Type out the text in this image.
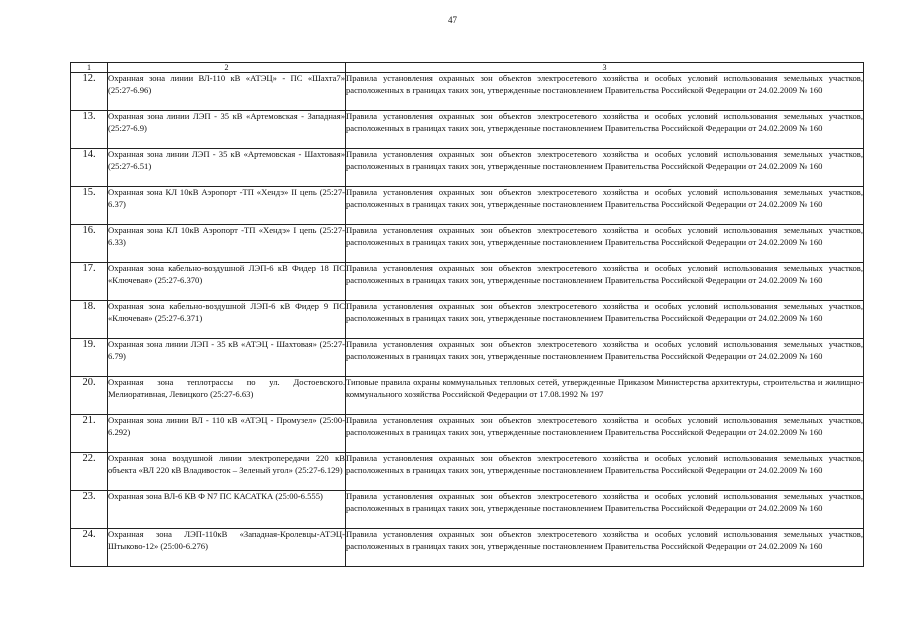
47
1	2	3
12.	Охранная зона линии ВЛ-110 кВ «АТЭЦ» - ПС «Шахта7» (25:27-6.96)	Правила установления охранных зон объектов электросетевого хозяйства и особых условий использования земельных участков, расположенных в границах таких зон, утвержденные постановлением Правительства Российской Федерации от 24.02.2009 № 160
13.	Охранная зона линии ЛЭП - 35 кВ «Артемовская - Западная» (25:27-6.9)	Правила установления охранных зон объектов электросетевого хозяйства и особых условий использования земельных участков, расположенных в границах таких зон, утвержденные постановлением Правительства Российской Федерации от 24.02.2009 № 160
14.	Охранная зона линии ЛЭП - 35 кВ «Артемовская - Шахтовая» (25:27-6.51)	Правила установления охранных зон объектов электросетевого хозяйства и особых условий использования земельных участков, расположенных в границах таких зон, утвержденные постановлением Правительства Российской Федерации от 24.02.2009 № 160
15.	Охранная зона КЛ 10кВ Аэропорт -ТП «Хендэ» II цепь (25:27-6.37)	Правила установления охранных зон объектов электросетевого хозяйства и особых условий использования земельных участков, расположенных в границах таких зон, утвержденные постановлением Правительства Российской Федерации от 24.02.2009 № 160
16.	Охранная зона КЛ 10кВ Аэропорт -ТП «Хендэ» I цепь (25:27-6.33)	Правила установления охранных зон объектов электросетевого хозяйства и особых условий использования земельных участков, расположенных в границах таких зон, утвержденные постановлением Правительства Российской Федерации от 24.02.2009 № 160
17.	Охранная зона кабельно-воздушной ЛЭП-6 кВ Фидер 18 ПС «Ключевая» (25:27-6.370)	Правила установления охранных зон объектов электросетевого хозяйства и особых условий использования земельных участков, расположенных в границах таких зон, утвержденные постановлением Правительства Российской Федерации от 24.02.2009 № 160
18.	Охранная зона кабельно-воздушной ЛЭП-6 кВ Фидер 9 ПС «Ключевая» (25:27-6.371)	Правила установления охранных зон объектов электросетевого хозяйства и особых условий использования земельных участков, расположенных в границах таких зон, утвержденные постановлением Правительства Российской Федерации от 24.02.2009 № 160
19.	Охранная зона линии ЛЭП - 35 кВ «АТЭЦ - Шахтовая» (25:27-6.79)	Правила установления охранных зон объектов электросетевого хозяйства и особых условий использования земельных участков, расположенных в границах таких зон, утвержденные постановлением Правительства Российской Федерации от 24.02.2009 № 160
20.	Охранная зона теплотрассы по ул. Достоевского. Мелиоративная, Левицкого (25:27-6.63)	Типовые правила охраны коммунальных тепловых сетей, утвержденные Приказом Министерства архитектуры, строительства и жилищно-коммунального хозяйства Российской Федерации от 17.08.1992 № 197
21.	Охранная зона линии ВЛ - 110 кВ «АТЭЦ - Промузел» (25:00-6.292)	Правила установления охранных зон объектов электросетевого хозяйства и особых условий использования земельных участков, расположенных в границах таких зон, утвержденные постановлением Правительства Российской Федерации от 24.02.2009 № 160
22.	Охранная зона воздушной линии электропередачи 220 кВ объекта «ВЛ 220 кВ Владивосток – Зеленый угол» (25:27-6.129)	Правила установления охранных зон объектов электросетевого хозяйства и особых условий использования земельных участков, расположенных в границах таких зон, утвержденные постановлением Правительства Российской Федерации от 24.02.2009 № 160
23.	Охранная зона ВЛ-6 КВ Ф N7 ПС КАСАТКА (25:00-6.555)	Правила установления охранных зон объектов электросетевого хозяйства и особых условий использования земельных участков, расположенных в границах таких зон, утвержденные постановлением Правительства Российской Федерации от 24.02.2009 № 160
24.	Охранная зона ЛЭП-110кВ «Западная-Кролевцы-АТЭЦ-Штыково-12» (25:00-6.276)	Правила установления охранных зон объектов электросетевого хозяйства и особых условий использования земельных участков, расположенных в границах таких зон, утвержденные постановлением Правительства Российской Федерации от 24.02.2009 № 160
